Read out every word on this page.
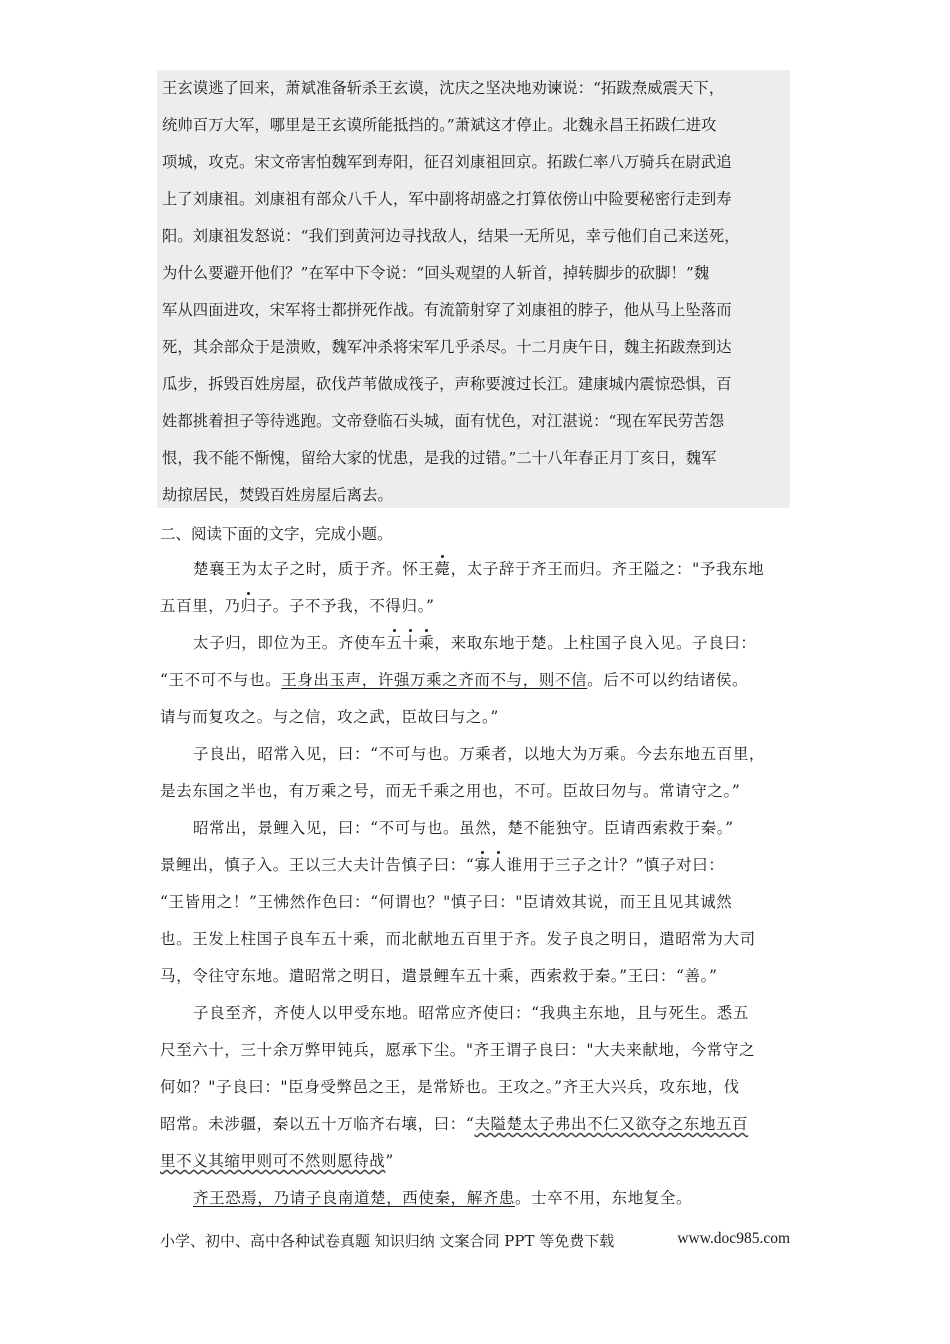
王玄谟逃了回来，萧斌准备斩杀王玄谟，沈庆之坚决地劝谏说：“拓跋焘威震天下，
统帅百万大军，哪里是王玄谟所能抵挡的。”萧斌这才停止。北魏永昌王拓跋仁进攻
项城，攻克。宋文帝害怕魏军到寿阳，征召刘康祖回京。拓跋仁率八万骑兵在尉武追
上了刘康祖。刘康祖有部众八千人，军中副将胡盛之打算依傍山中险要秘密行走到寿
阳。刘康祖发怒说：“我们到黄河边寻找敌人，结果一无所见，幸亏他们自己来送死，
为什么要避开他们？”在军中下令说：“回头观望的人斩首，掉转脚步的砍脚！”魏
军从四面进攻，宋军将士都拼死作战。有流箭射穿了刘康祖的脖子，他从马上坠落而
死，其余部众于是溃败，魏军冲杀将宋军几乎杀尽。十二月庚午日，魏主拓跋焘到达
瓜步，拆毁百姓房屋，砍伐芦苇做成筏子，声称要渡过长江。建康城内震惊恐惧，百
姓都挑着担子等待逃跑。文帝登临石头城，面有忧色，对江湛说：“现在军民劳苦怨
恨，我不能不惭愧，留给大家的忧患，是我的过错。”二十八年春正月丁亥日，魏军
劫掠居民，焚毁百姓房屋后离去。
二、阅读下面的文字，完成小题。
楚襄王为太子之时，质于齐。怀王薨，太子辞于齐王而归。齐王隘之："予我东地
五百里，乃归子。子不予我，不得归。”
太子归，即位为王。齐使车五十乘，来取东地于楚。上柱国子良入见。子良曰：
“王不可不与也。王身出玉声，许强万乘之齐而不与，则不信。后不可以约结诸侯。
请与而复攻之。与之信，攻之武，臣故曰与之。”
子良出，昭常入见，曰：“不可与也。万乘者，以地大为万乘。今去东地五百里，
是去东国之半也，有万乘之号，而无千乘之用也，不可。臣故曰勿与。常请守之。”
昭常出，景鲤入见，曰：“不可与也。虽然，楚不能独守。臣请西索救于秦。”
景鲤出，慎子入。王以三大夫计告慎子曰：“寡人谁用于三子之计？”慎子对曰：
“王皆用之！”王怫然作色曰：“何谓也？"慎子曰："臣请效其说，而王且见其诚然
也。王发上柱国子良车五十乘，而北献地五百里于齐。发子良之明日，遣昭常为大司
马，令往守东地。遣昭常之明日，遣景鲤车五十乘，西索救于秦。”王曰：“善。”
子良至齐，齐使人以甲受东地。昭常应齐使曰：“我典主东地，且与死生。悉五
尺至六十，三十余万弊甲钝兵，愿承下尘。"齐王谓子良曰："大夫来献地，今常守之
何如？"子良曰："臣身受弊邑之王，是常矫也。王攻之。”齐王大兴兵，攻东地，伐
昭常。未涉疆，秦以五十万临齐右壤，曰：“夫隘楚太子弗出不仁又欲夺之东地五百
里不义其缩甲则可不然则愿待战”
齐王恐焉，乃请子良南道楚，西使秦，解齐患。士卒不用，东地复全。
小学、初中、高中各种试卷真题 知识归纳 文案合同 PPT 等免费下载	www.doc985.com
